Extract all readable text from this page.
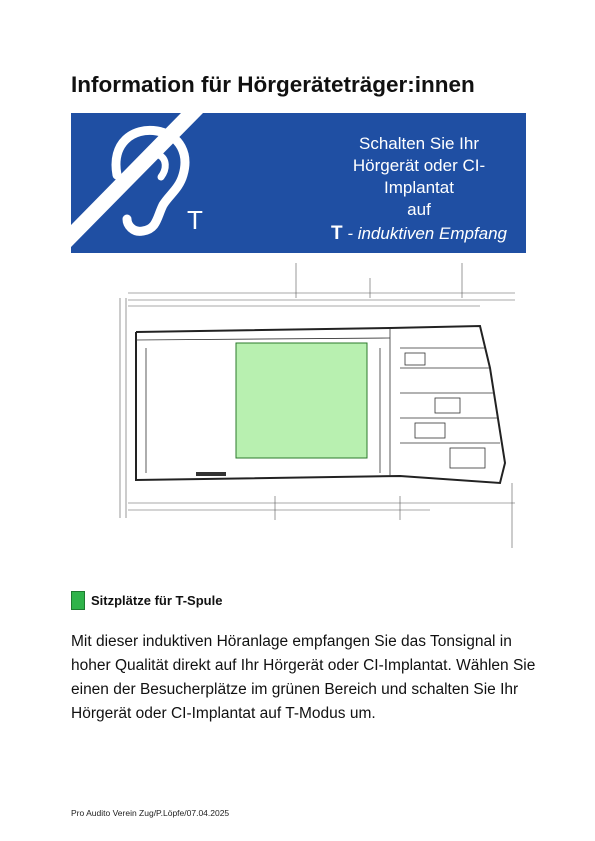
Information für Hörgeräteträger:innen
T
Schalten Sie Ihr
Hörgerät oder CI-Implantat
auf
T - induktiven Empfang
Sitzplätze für T-Spule
Mit dieser induktiven Höranlage empfangen Sie das Tonsignal in hoher Qualität direkt auf Ihr Hörgerät oder CI-Implantat. Wählen Sie einen der Besucherplätze im grünen Bereich und schalten Sie Ihr Hörgerät oder CI-Implantat auf T-Modus um.
Pro Audito Verein Zug/P.Löpfe/07.04.2025
